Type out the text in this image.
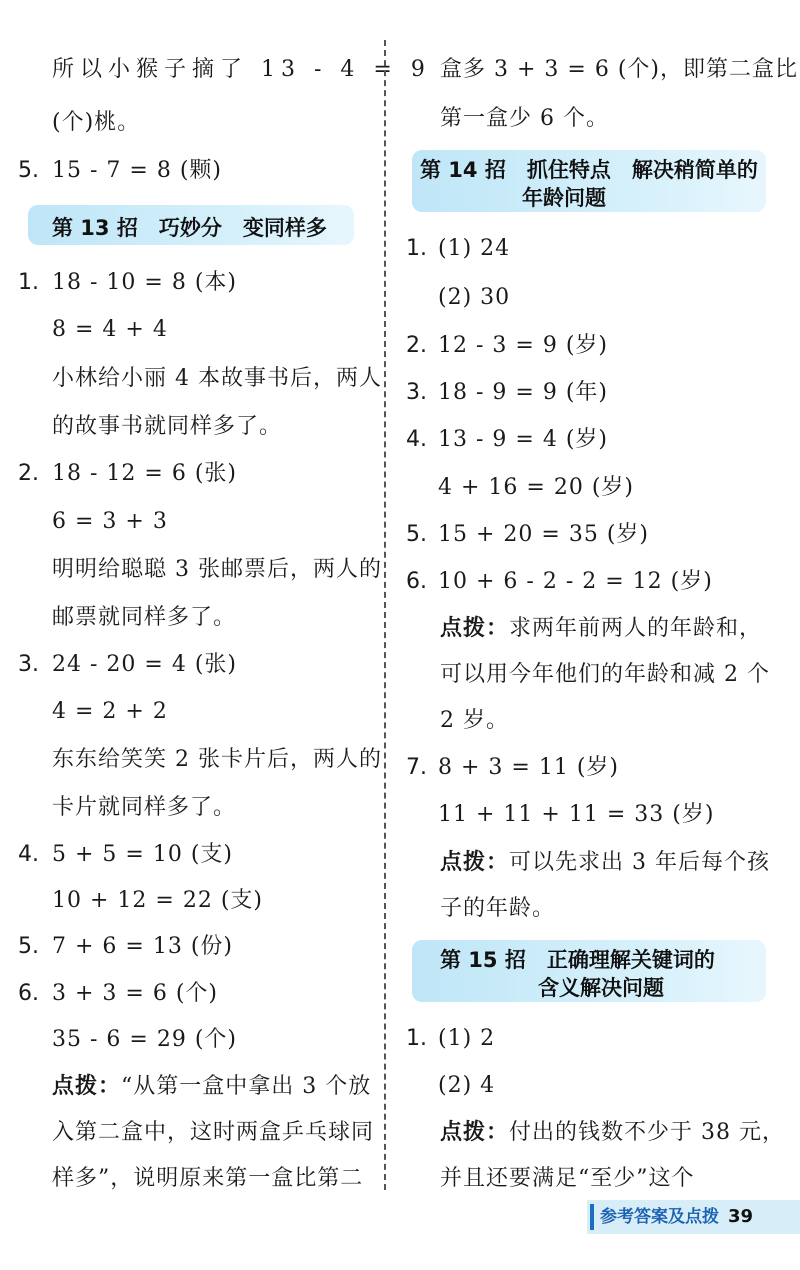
所以小猴子摘了 13 - 4 = 9
(个)桃。
5. 15 - 7 = 8 (颗)
第 13 招　巧妙分　变同样多
1. 18 - 10 = 8 (本)
8 = 4 + 4
小林给小丽 4 本故事书后，两人
的故事书就同样多了。
2. 18 - 12 = 6 (张)
6 = 3 + 3
明明给聪聪 3 张邮票后，两人的
邮票就同样多了。
3. 24 - 20 = 4 (张)
4 = 2 + 2
东东给笑笑 2 张卡片后，两人的
卡片就同样多了。
4. 5 + 5 = 10 (支)
10 + 12 = 22 (支)
5. 7 + 6 = 13 (份)
6. 3 + 3 = 6 (个)
35 - 6 = 29 (个)
点拨：“从第一盒中拿出 3 个放
入第二盒中，这时两盒乒乓球同
样多”，说明原来第一盒比第二
盒多 3 + 3 = 6 (个)，即第二盒比
第一盒少 6 个。
第 14 招　抓住特点　解决稍简单的
年龄问题
1. (1) 24
(2) 30
2. 12 - 3 = 9 (岁)
3. 18 - 9 = 9 (年)
4. 13 - 9 = 4 (岁)
4 + 16 = 20 (岁)
5. 15 + 20 = 35 (岁)
6. 10 + 6 - 2 - 2 = 12 (岁)
点拨：求两年前两人的年龄和，
可以用今年他们的年龄和减 2 个
2 岁。
7. 8 + 3 = 11 (岁)
11 + 11 + 11 = 33 (岁)
点拨：可以先求出 3 年后每个孩
子的年龄。
第 15 招　正确理解关键词的
含义解决问题
1. (1) 2
(2) 4
点拨：付出的钱数不少于 38 元，
并且还要满足“至少”这个
参考答案及点拨 39
